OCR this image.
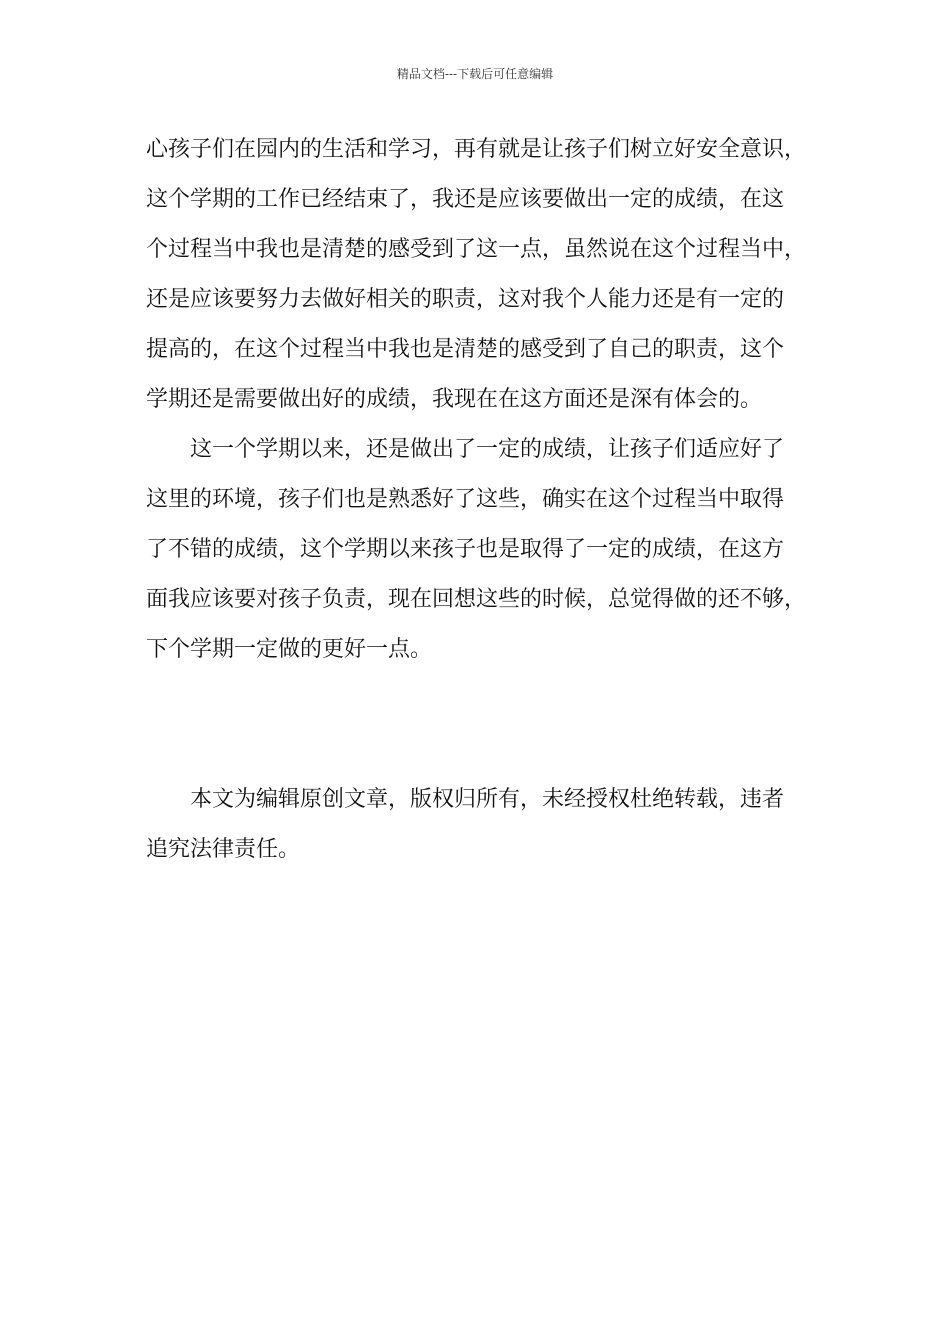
精品文档---下载后可任意编辑
心孩子们在园内的生活和学习，再有就是让孩子们树立好安全意识，
这个学期的工作已经结束了，我还是应该要做出一定的成绩，在这
个过程当中我也是清楚的感受到了这一点，虽然说在这个过程当中，
还是应该要努力去做好相关的职责，这对我个人能力还是有一定的
提高的，在这个过程当中我也是清楚的感受到了自己的职责，这个
学期还是需要做出好的成绩，我现在在这方面还是深有体会的。
这一个学期以来，还是做出了一定的成绩，让孩子们适应好了
这里的环境，孩子们也是熟悉好了这些，确实在这个过程当中取得
了不错的成绩，这个学期以来孩子也是取得了一定的成绩，在这方
面我应该要对孩子负责，现在回想这些的时候，总觉得做的还不够，
下个学期一定做的更好一点。
本文为编辑原创文章，版权归所有，未经授权杜绝转载，违者
追究法律责任。
